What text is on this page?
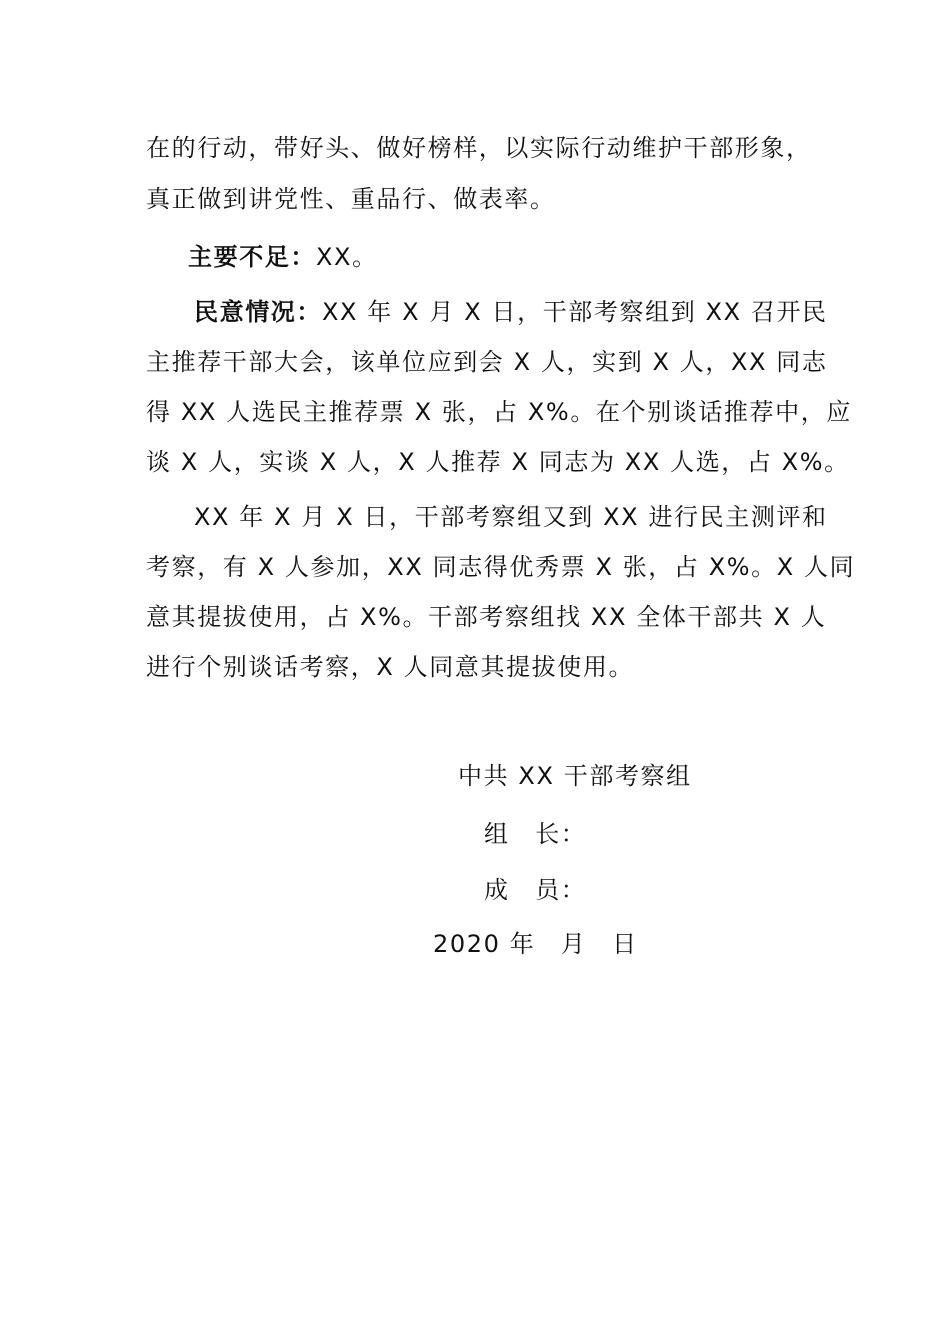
在的行动，带好头、做好榜样，以实际行动维护干部形象，
真正做到讲党性、重品行、做表率。
主要不足：XX。
民意情况：XX 年 X 月 X 日，干部考察组到 XX 召开民
主推荐干部大会，该单位应到会 X 人，实到 X 人，XX 同志
得 XX 人选民主推荐票 X 张，占 X%。在个别谈话推荐中，应
谈 X 人，实谈 X 人，X 人推荐 X 同志为 XX 人选，占 X%。
XX 年 X 月 X 日，干部考察组又到 XX 进行民主测评和
考察，有 X 人参加，XX 同志得优秀票 X 张，占 X%。X 人同
意其提拔使用，占 X%。干部考察组找 XX 全体干部共 X 人
进行个别谈话考察，X 人同意其提拔使用。
中共 XX 干部考察组
组　长：
成　员：
2020 年　月　日
